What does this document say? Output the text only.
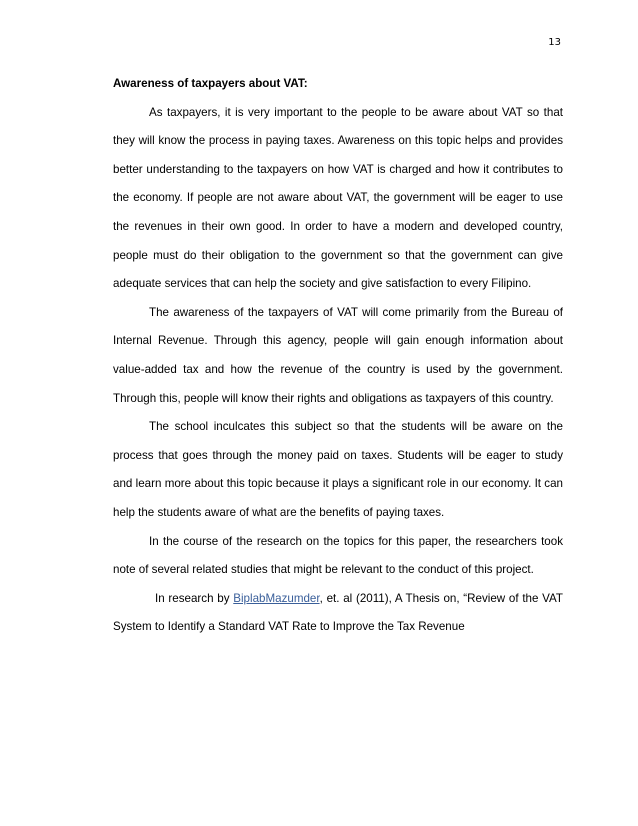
13

Awareness of taxpayers about VAT:

As taxpayers, it is very important to the people to be aware about VAT so that they will know the process in paying taxes. Awareness on this topic helps and provides better understanding to the taxpayers on how VAT is charged and how it contributes to the economy. If people are not aware about VAT, the government will be eager to use the revenues in their own good. In order to have a modern and developed country, people must do their obligation to the government so that the government can give adequate services that can help the society and give satisfaction to every Filipino.

The awareness of the taxpayers of VAT will come primarily from the Bureau of Internal Revenue. Through this agency, people will gain enough information about value-added tax and how the revenue of the country is used by the government. Through this, people will know their rights and obligations as taxpayers of this country.

The school inculcates this subject so that the students will be aware on the process that goes through the money paid on taxes. Students will be eager to study and learn more about this topic because it plays a significant role in our economy. It can help the students aware of what are the benefits of paying taxes.

In the course of the research on the topics for this paper, the researchers took note of several related studies that might be relevant to the conduct of this project.

In research by BiplabMazumder, et. al (2011), A Thesis on, “Review of the VAT System to Identify a Standard VAT Rate to Improve the Tax Revenue
